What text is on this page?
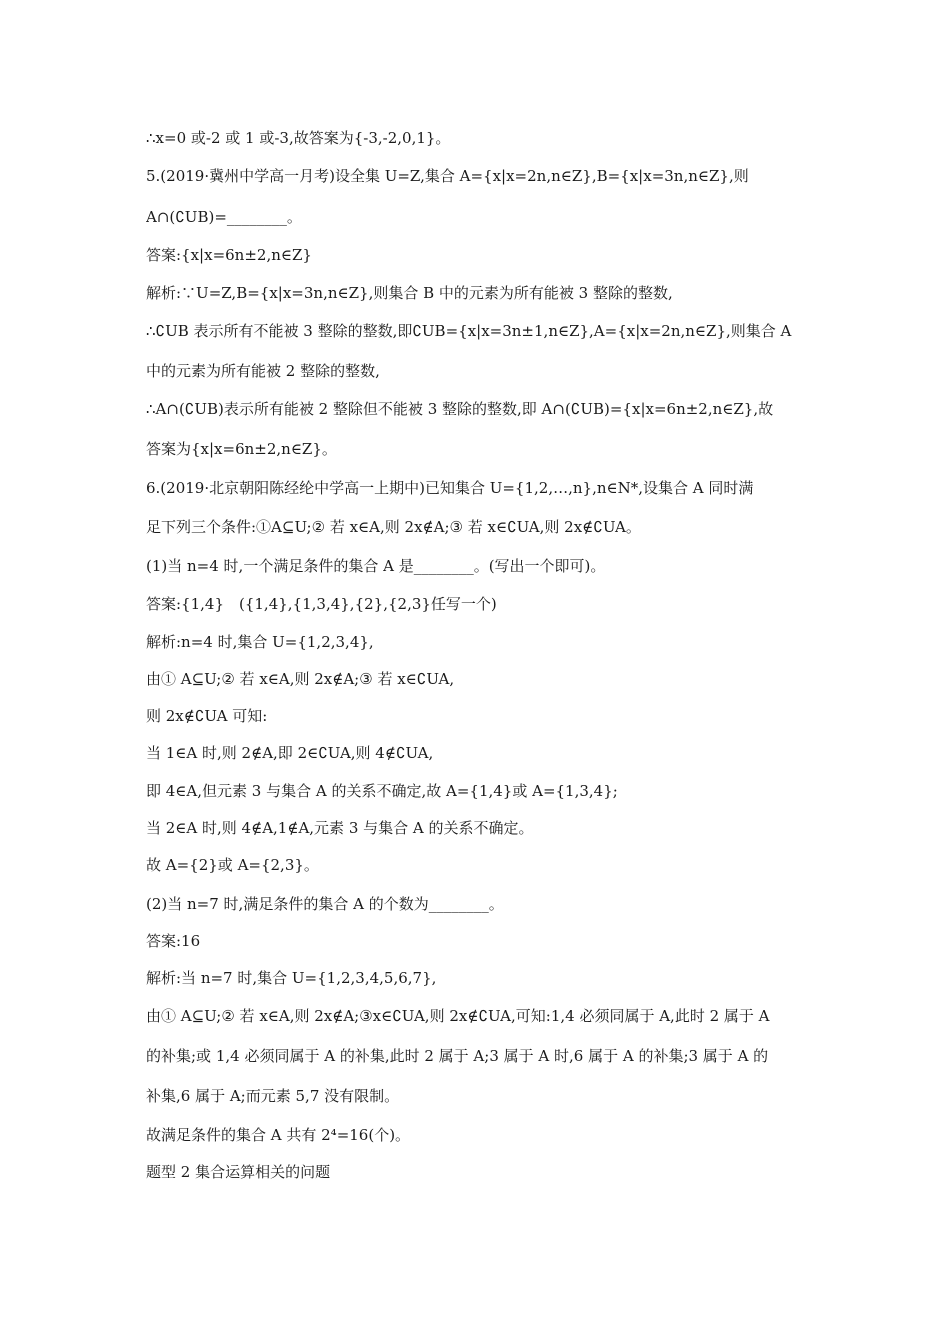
∴x=0 或-2 或 1 或-3,故答案为{-3,-2,0,1}。
5.(2019·冀州中学高一月考)设全集 U=Z,集合 A={x|x=2n,n∈Z},B={x|x=3n,n∈Z},则
A∩(∁UB)=________。
答案:{x|x=6n±2,n∈Z}
解析:∵U=Z,B={x|x=3n,n∈Z},则集合 B 中的元素为所有能被 3 整除的整数,
∴∁UB 表示所有不能被 3 整除的整数,即∁UB={x|x=3n±1,n∈Z},A={x|x=2n,n∈Z},则集合 A
中的元素为所有能被 2 整除的整数,
∴A∩(∁UB)表示所有能被 2 整除但不能被 3 整除的整数,即 A∩(∁UB)={x|x=6n±2,n∈Z},故
答案为{x|x=6n±2,n∈Z}。
6.(2019·北京朝阳陈经纶中学高一上期中)已知集合 U={1,2,…,n},n∈N*,设集合 A 同时满
足下列三个条件:①A⊆U;② 若 x∈A,则 2x∉A;③ 若 x∈∁UA,则 2x∉∁UA。
(1)当 n=4 时,一个满足条件的集合 A 是________。(写出一个即可)。
答案:{1,4}　({1,4},{1,3,4},{2},{2,3}任写一个)
解析:n=4 时,集合 U={1,2,3,4},
由① A⊆U;② 若 x∈A,则 2x∉A;③ 若 x∈∁UA,
则 2x∉∁UA 可知:
当 1∈A 时,则 2∉A,即 2∈∁UA,则 4∉∁UA,
即 4∈A,但元素 3 与集合 A 的关系不确定,故 A={1,4}或 A={1,3,4};
当 2∈A 时,则 4∉A,1∉A,元素 3 与集合 A 的关系不确定。
故 A={2}或 A={2,3}。
(2)当 n=7 时,满足条件的集合 A 的个数为________。
答案:16
解析:当 n=7 时,集合 U={1,2,3,4,5,6,7},
由① A⊆U;② 若 x∈A,则 2x∉A;③x∈∁UA,则 2x∉∁UA,可知:1,4 必须同属于 A,此时 2 属于 A
的补集;或 1,4 必须同属于 A 的补集,此时 2 属于 A;3 属于 A 时,6 属于 A 的补集;3 属于 A 的
补集,6 属于 A;而元素 5,7 没有限制。
故满足条件的集合 A 共有 2⁴=16(个)。
题型 2 集合运算相关的问题
